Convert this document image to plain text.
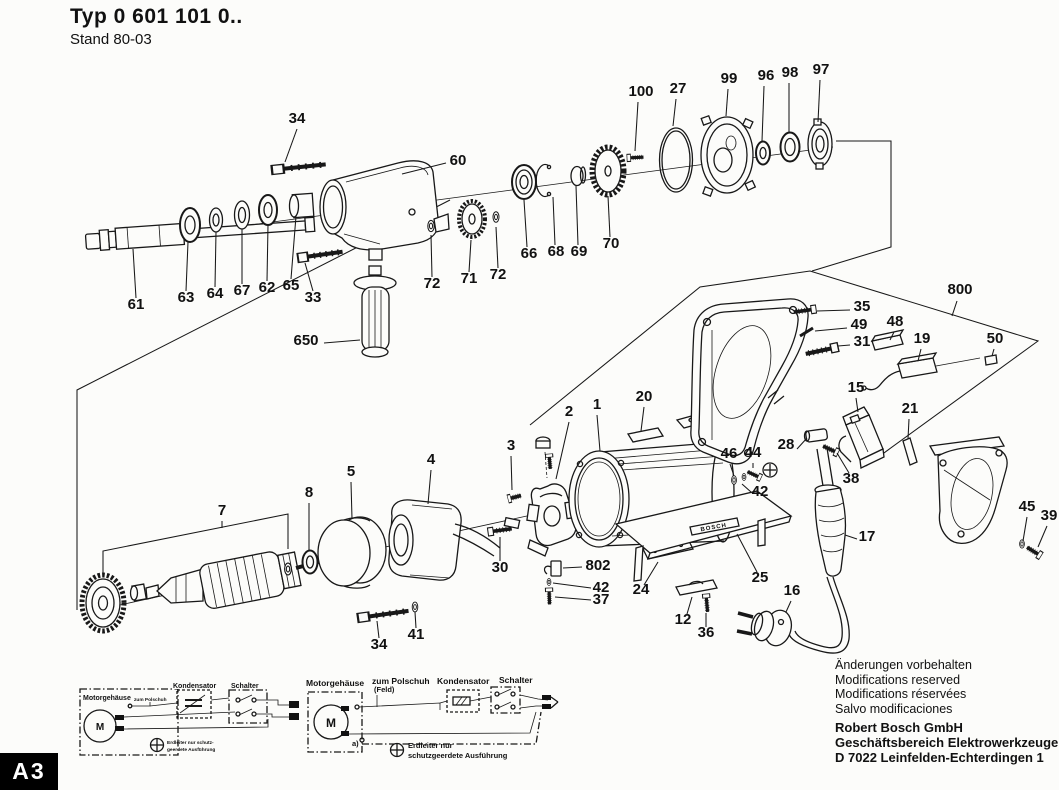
Typ 0 601 101 0..
Stand 80-03
BOSCH
Motorgehäuse
M
zum Polschuh
Kondensator Schalter
Erdleiter nur schutz-
geerdete Ausführung
Motorgehäuse
M
zum Polschuh
(Feld)
Kondensator Schalter
a)	Erdleiter nur
schutzgeerdete Ausführung
34
60
100 27
99 96 98 97
66 68 69 70
61 63 64 67 62 65
33
72 71 72
650
800
35
49
31
48
19	50
15
21
2 1 20
3	46 44 28
38
5
4
8
7
42
17
45
39
30	802
42
37
24
25
12
36
16
34
41
Änderungen vorbehalten
Modifications reserved
Modifications réservées
Salvo modificaciones
Robert Bosch GmbH
Geschäftsbereich Elektrowerkzeuge
D 7022 Leinfelden-Echterdingen 1
A3
